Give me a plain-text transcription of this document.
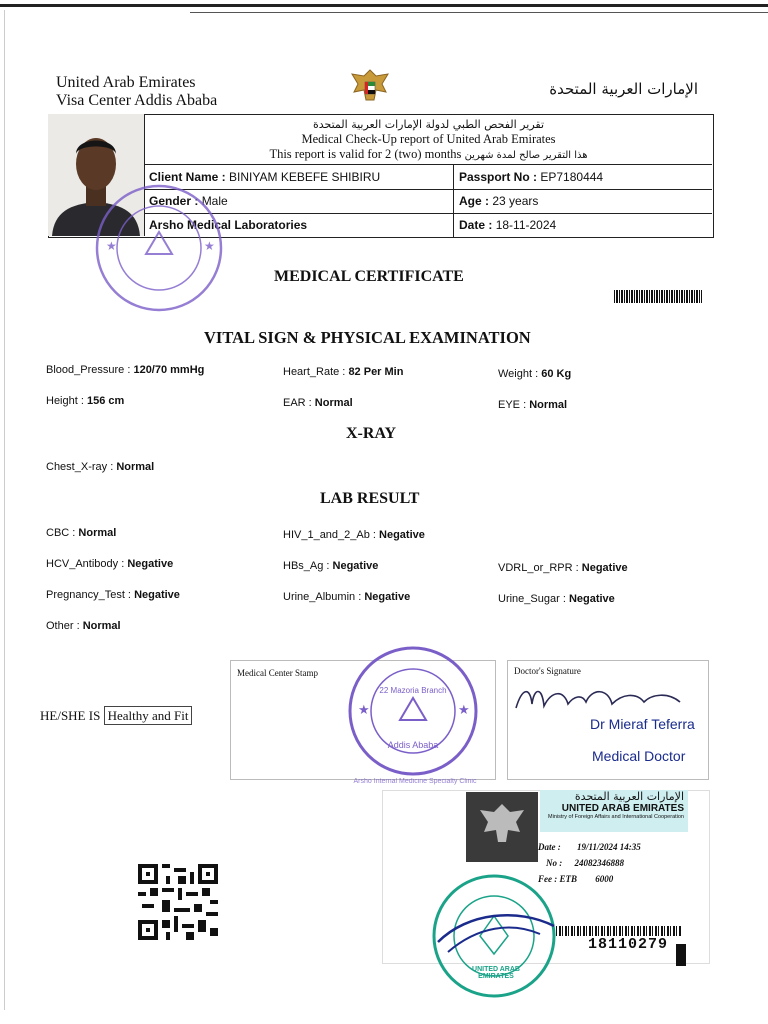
United Arab Emirates
Visa Center Addis Ababa
الإمارات العربية المتحدة
تقرير الفحص الطبي لدولة الإمارات العربية المتحدة
Medical Check-Up report of United Arab Emirates
This report is valid for 2 (two) months هذا التقرير صالح لمدة شهرين
Client Name : BINIYAM KEBEFE SHIBIRU	Passport No : EP7180444
Gender : Male	Age : 23 years
Arsho Medical Laboratories	Date : 18-11-2024
★	★
MEDICAL CERTIFICATE
VITAL SIGN & PHYSICAL EXAMINATION
Blood_Pressure : 120/70 mmHg	Heart_Rate : 82 Per Min	Weight : 60 Kg
Height : 156 cm	EAR : Normal	EYE : Normal
X-RAY
Chest_X-ray : Normal
LAB RESULT
CBC : Normal	HIV_1_and_2_Ab : Negative
HCV_Antibody : Negative	HBs_Ag : Negative	VDRL_or_RPR : Negative
Pregnancy_Test : Negative	Urine_Albumin : Negative	Urine_Sugar : Negative
Other : Normal
Medical Center Stamp
★	★
22 Mazoria Branch
Addis Ababa
Arsho Internal Medicine Specialty Clinic
Doctor's Signature
Dr Mieraf Teferra
Medical Doctor
HE/SHE IS Healthy and Fit
الإمارات العربية المتحدة
UNITED ARAB EMIRATES
Ministry of Foreign Affairs and International Cooperation
Date : 19/11/2024 14:35
No : 24082346888
Fee : ETB 6000
18110279
UNITED ARAB EMIRATES
